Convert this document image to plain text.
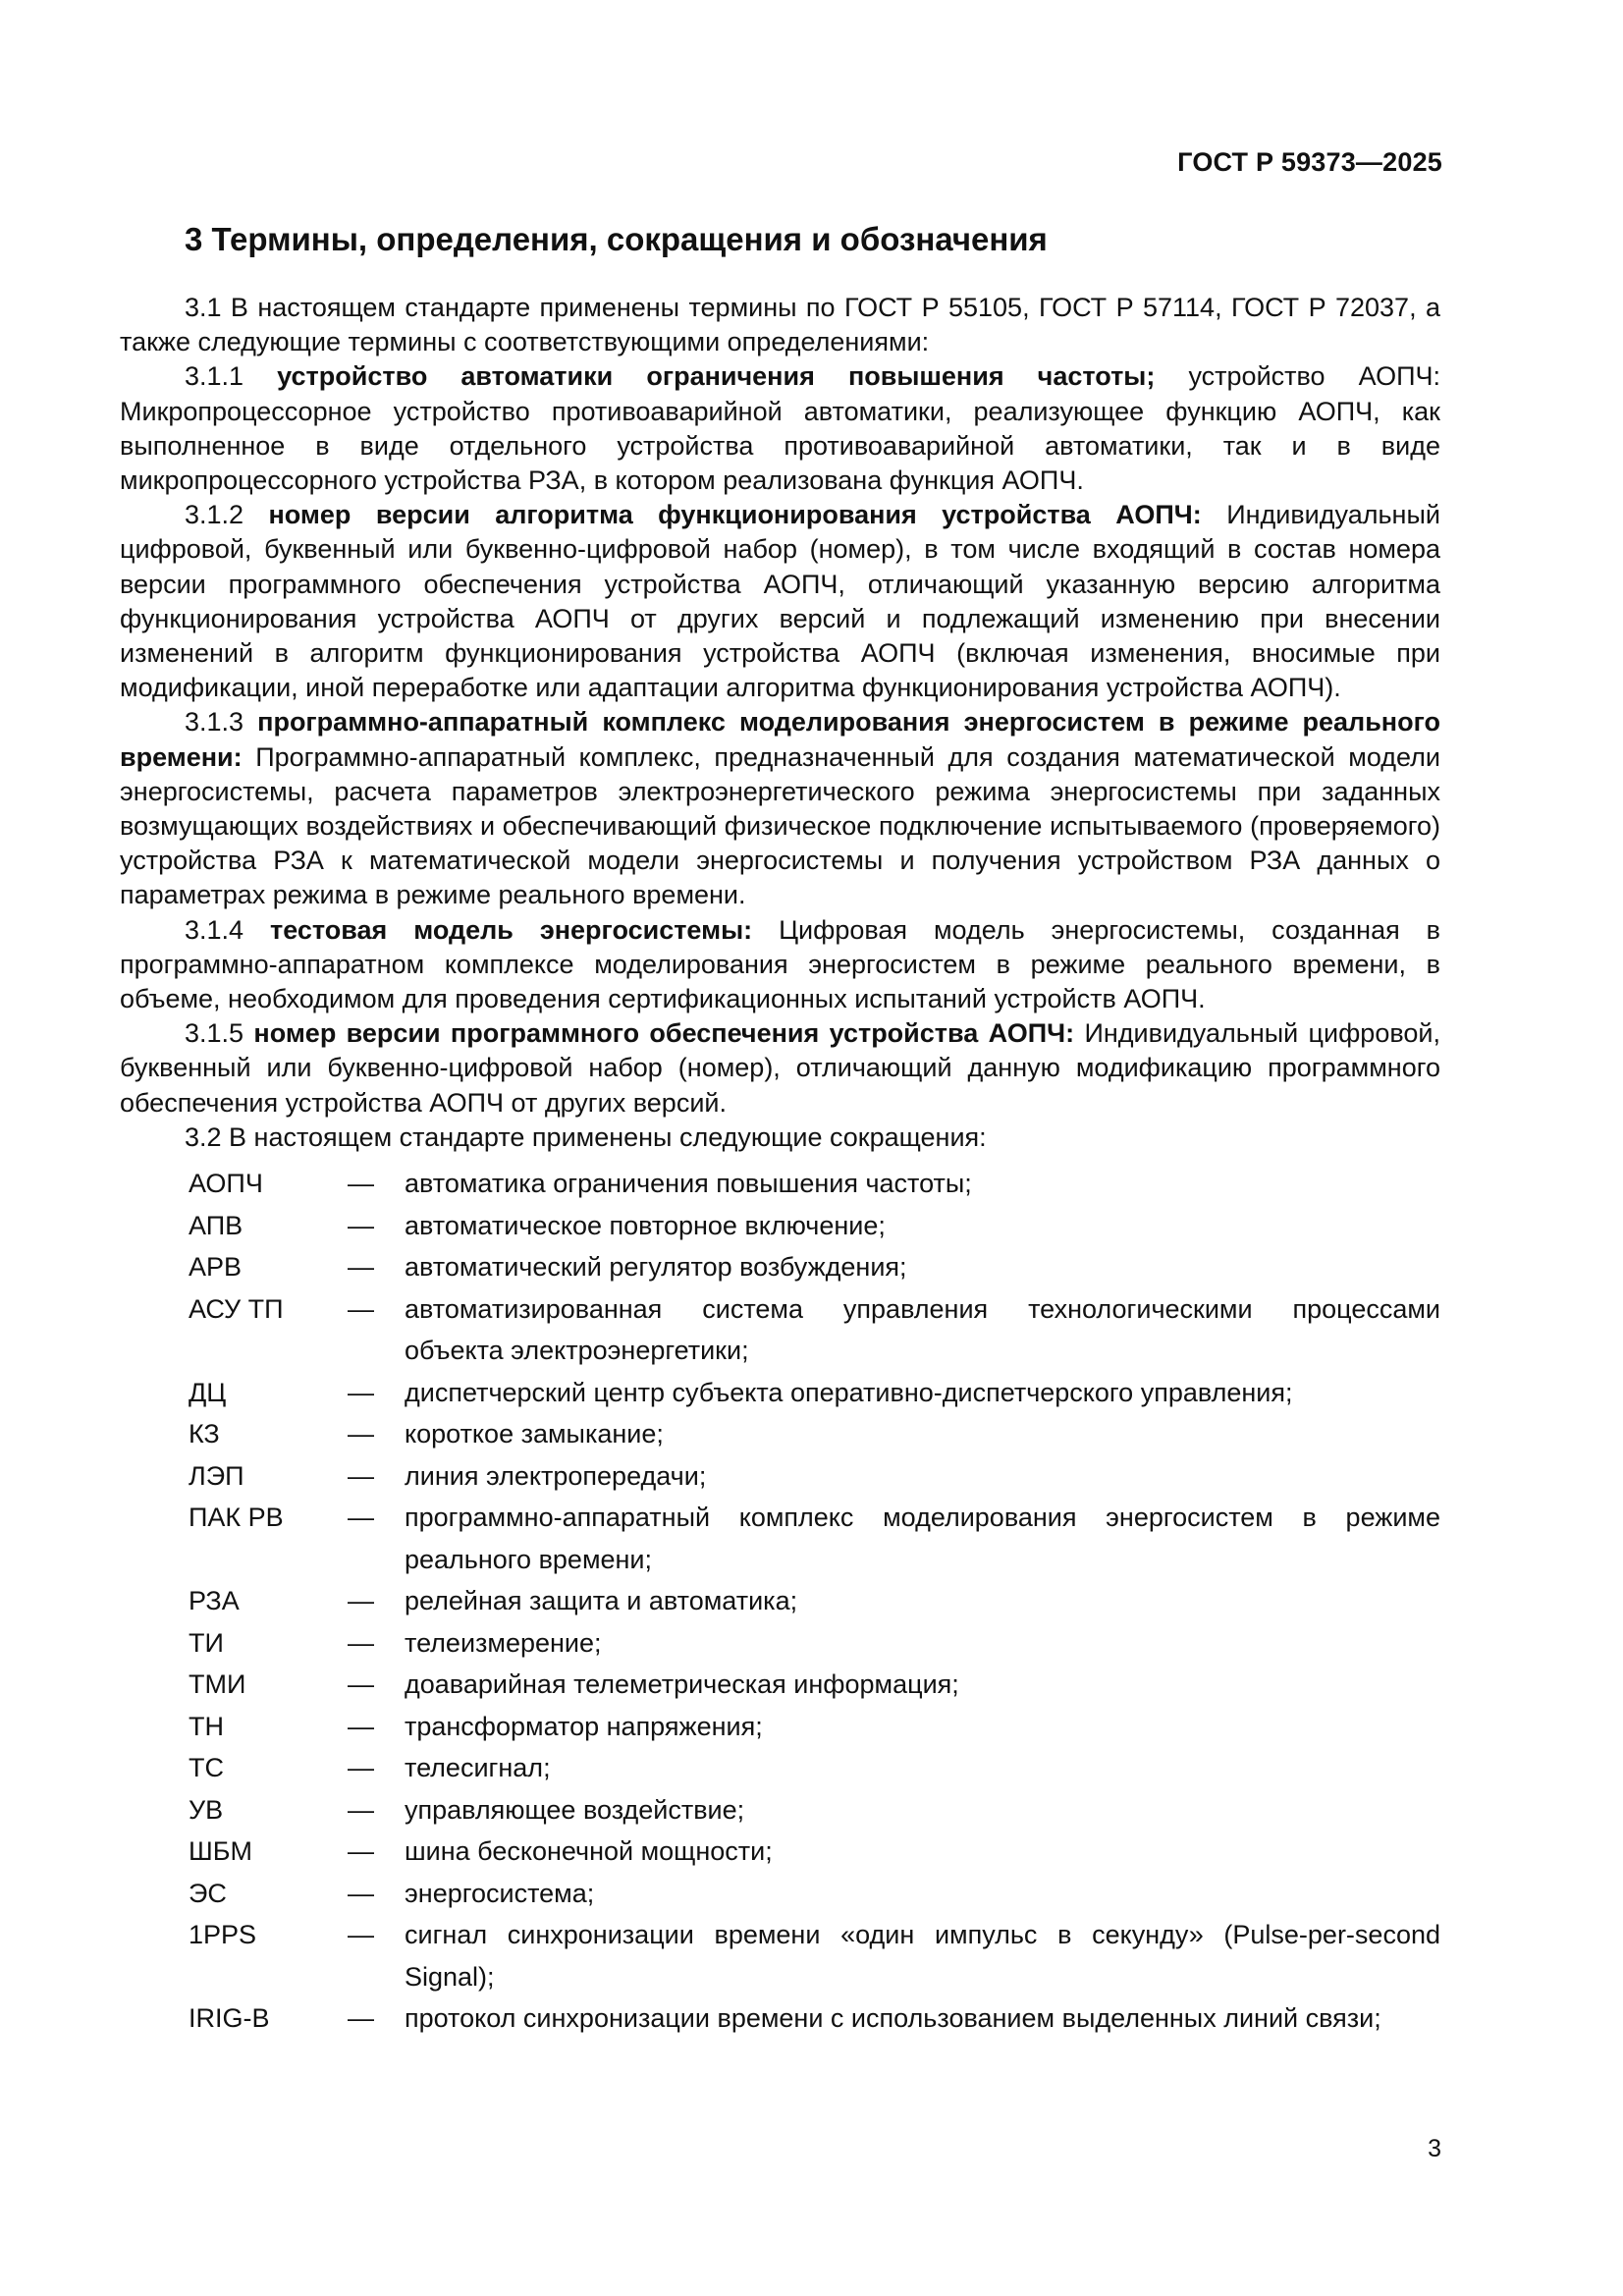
ГОСТ Р 59373—2025
3 Термины, определения, сокращения и обозначения

3.1 В настоящем стандарте применены термины по ГОСТ Р 55105, ГОСТ Р 57114, ГОСТ Р 72037, а также следующие термины с соответствующими определениями:

3.1.1 устройство автоматики ограничения повышения частоты; устройство АОПЧ: Микропроцессорное устройство противоаварийной автоматики, реализующее функцию АОПЧ, как выполненное в виде отдельного устройства противоаварийной автоматики, так и в виде микропроцессорного устройства РЗА, в котором реализована функция АОПЧ.

3.1.2 номер версии алгоритма функционирования устройства АОПЧ: Индивидуальный цифровой, буквенный или буквенно-цифровой набор (номер), в том числе входящий в состав номера версии программного обеспечения устройства АОПЧ, отличающий указанную версию алгоритма функционирования устройства АОПЧ от других версий и подлежащий изменению при внесении изменений в алгоритм функционирования устройства АОПЧ (включая изменения, вносимые при модификации, иной переработке или адаптации алгоритма функционирования устройства АОПЧ).

3.1.3 программно-аппаратный комплекс моделирования энергосистем в режиме реального времени: Программно-аппаратный комплекс, предназначенный для создания математической модели энергосистемы, расчета параметров электроэнергетического режима энергосистемы при заданных возмущающих воздействиях и обеспечивающий физическое подключение испытываемого (проверяемого) устройства РЗА к математической модели энергосистемы и получения устройством РЗА данных о параметрах режима в режиме реального времени.

3.1.4 тестовая модель энергосистемы: Цифровая модель энергосистемы, созданная в программно-аппаратном комплексе моделирования энергосистем в режиме реального времени, в объеме, необходимом для проведения сертификационных испытаний устройств АОПЧ.

3.1.5 номер версии программного обеспечения устройства АОПЧ: Индивидуальный цифровой, буквенный или буквенно-цифровой набор (номер), отличающий данную модификацию программного обеспечения устройства АОПЧ от других версий.

3.2 В настоящем стандарте применены следующие сокращения:

АОПЧ	—	автоматика ограничения повышения частоты;
АПВ	—	автоматическое повторное включение;
АРВ	—	автоматический регулятор возбуждения;
АСУ ТП	—	автоматизированная система управления технологическими процессами
объекта электроэнергетики;
ДЦ	—	диспетчерский центр субъекта оперативно-диспетчерского управления;
КЗ	—	короткое замыкание;
ЛЭП	—	линия электропередачи;
ПАК РВ	—	программно-аппаратный комплекс моделирования энергосистем в режиме
реального времени;
РЗА	—	релейная защита и автоматика;
ТИ	—	телеизмерение;
ТМИ	—	доаварийная телеметрическая информация;
ТН	—	трансформатор напряжения;
ТС	—	телесигнал;
УВ	—	управляющее воздействие;
ШБМ	—	шина бесконечной мощности;
ЭС	—	энергосистема;
1PPS	—	сигнал синхронизации времени «один импульс в секунду» (Pulse-per-second
Signal);
IRIG-B	—	протокол синхронизации времени с использованием выделенных линий связи;
3
